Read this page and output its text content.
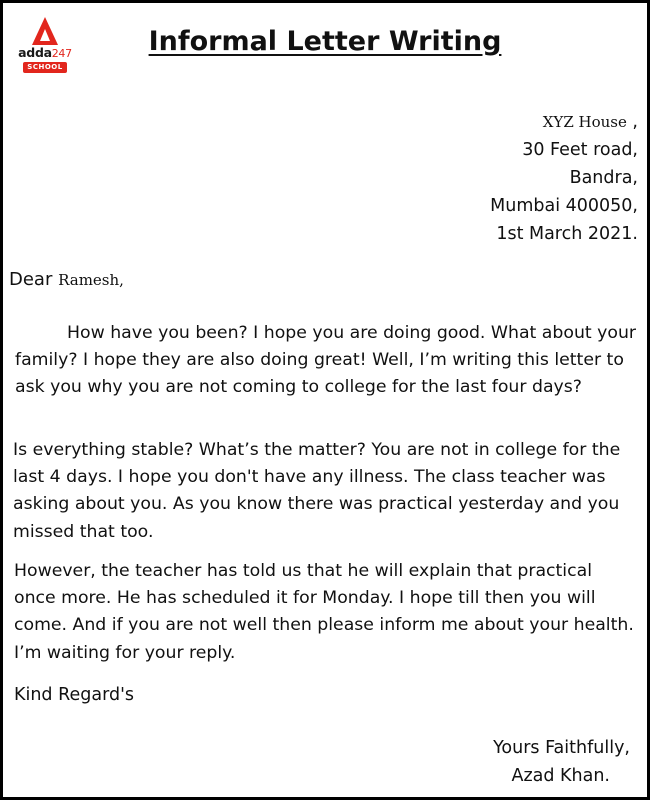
adda247
SCHOOL
Informal Letter Writing
XYZ House ,
30 Feet road,
Bandra,
Mumbai 400050,
1st March 2021.
Dear Ramesh,

How have you been? I hope you are doing good. What about your family? I hope they are also doing great! Well, I’m writing this letter to ask you why you are not coming to college for the last four days?

Is everything stable? What’s the matter? You are not in college for the last 4 days. I hope you don't have any illness. The class teacher was asking about you. As you know there was practical yesterday and you missed that too.

However, the teacher has told us that he will explain that practical once more. He has scheduled it for Monday. I hope till then you will come. And if you are not well then please inform me about your health. I’m waiting for your reply.

Kind Regard's
Yours Faithfully,
Azad Khan.
